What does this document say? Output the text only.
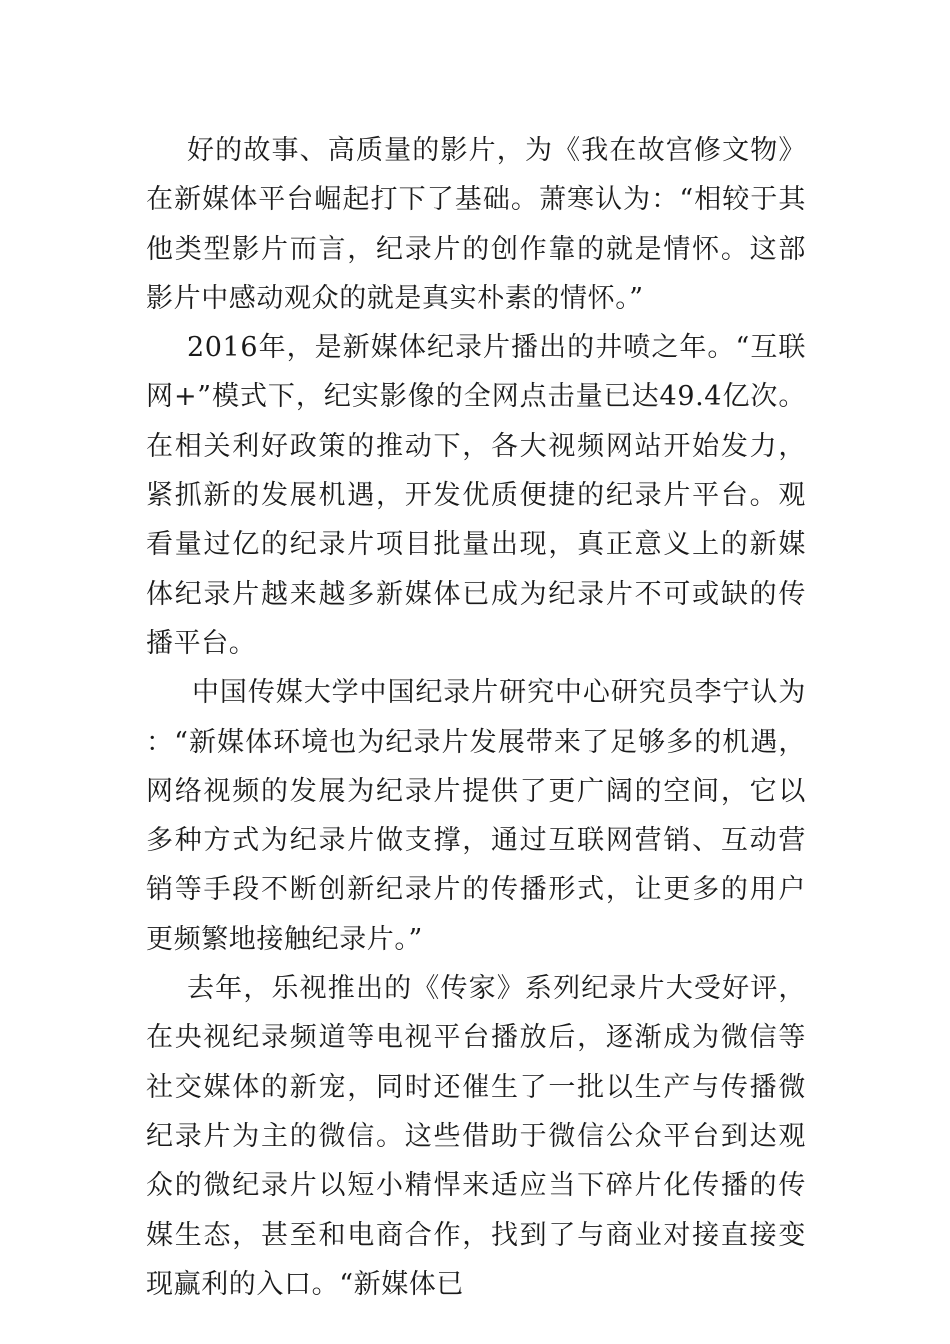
好的故事、高质量的影片，为《我在故宫修文物》在新媒体平台崛起打下了基础。萧寒认为：“相较于其他类型影片而言，纪录片的创作靠的就是情怀。这部影片中感动观众的就是真实朴素的情怀。”

2016年，是新媒体纪录片播出的井喷之年。“互联网+”模式下，纪实影像的全网点击量已达49.4亿次。在相关利好政策的推动下，各大视频网站开始发力，紧抓新的发展机遇，开发优质便捷的纪录片平台。观看量过亿的纪录片项目批量出现，真正意义上的新媒体纪录片越来越多新媒体已成为纪录片不可或缺的传播平台。

中国传媒大学中国纪录片研究中心研究员李宁认为：“新媒体环境也为纪录片发展带来了足够多的机遇，网络视频的发展为纪录片提供了更广阔的空间，它以多种方式为纪录片做支撑，通过互联网营销、互动营销等手段不断创新纪录片的传播形式，让更多的用户更频繁地接触纪录片。”

去年，乐视推出的《传家》系列纪录片大受好评，在央视纪录频道等电视平台播放后，逐渐成为微信等社交媒体的新宠，同时还催生了一批以生产与传播微纪录片为主的微信。这些借助于微信公众平台到达观众的微纪录片以短小精悍来适应当下碎片化传播的传媒生态，甚至和电商合作，找到了与商业对接直接变现赢利的入口。“新媒体已
